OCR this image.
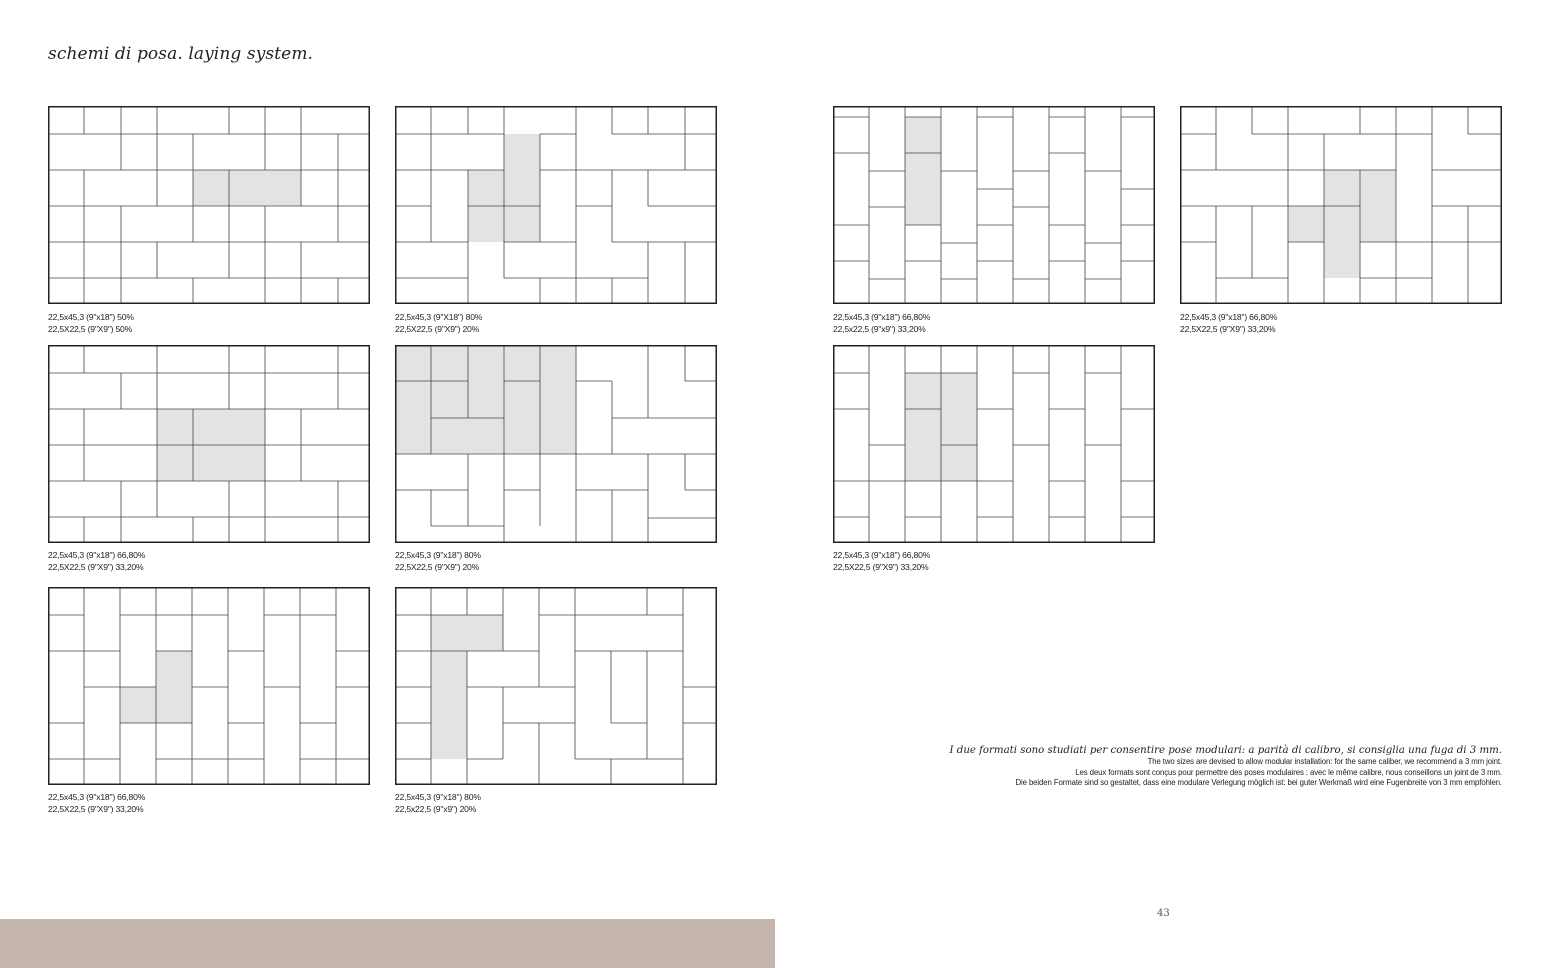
schemi di posa. laying system.
22,5x45,3 (9"x18") 50%
22,5X22,5 (9"X9") 50%
22,5x45,3 (9"X18") 80%
22,5X22,5 (9"X9") 20%
22,5x45,3 (9"x18") 66,80%
22,5x22,5 (9"x9") 33,20%
22,5x45,3 (9"x18") 66,80%
22,5X22,5 (9"X9") 33,20%
22,5x45,3 (9"x18") 66,80%
22,5X22,5 (9"X9") 33,20%
22,5x45,3 (9"x18") 80%
22,5X22,5 (9"X9") 20%
22,5x45,3 (9"x18") 66,80%
22,5X22,5 (9"X9") 33,20%
22,5x45,3 (9"x18") 66,80%
22,5X22,5 (9"X9") 33,20%
22,5x45,3 (9"x18") 80%
22,5x22,5 (9"x9") 20%
I due formati sono studiati per consentire pose modulari: a parità di calibro, si consiglia una fuga di 3 mm.
The two sizes are devised to allow modular installation: for the same caliber, we recommend a 3 mm joint.
Les deux formats sont conçus pour permettre des poses modulaires : avec le même calibre, nous conseillons un joint de 3 mm.
Die beiden Formate sind so gestaltet, dass eine modulare Verlegung möglich ist: bei guter Werkmaß wird eine Fugenbreite von 3 mm empfohlen.
43
